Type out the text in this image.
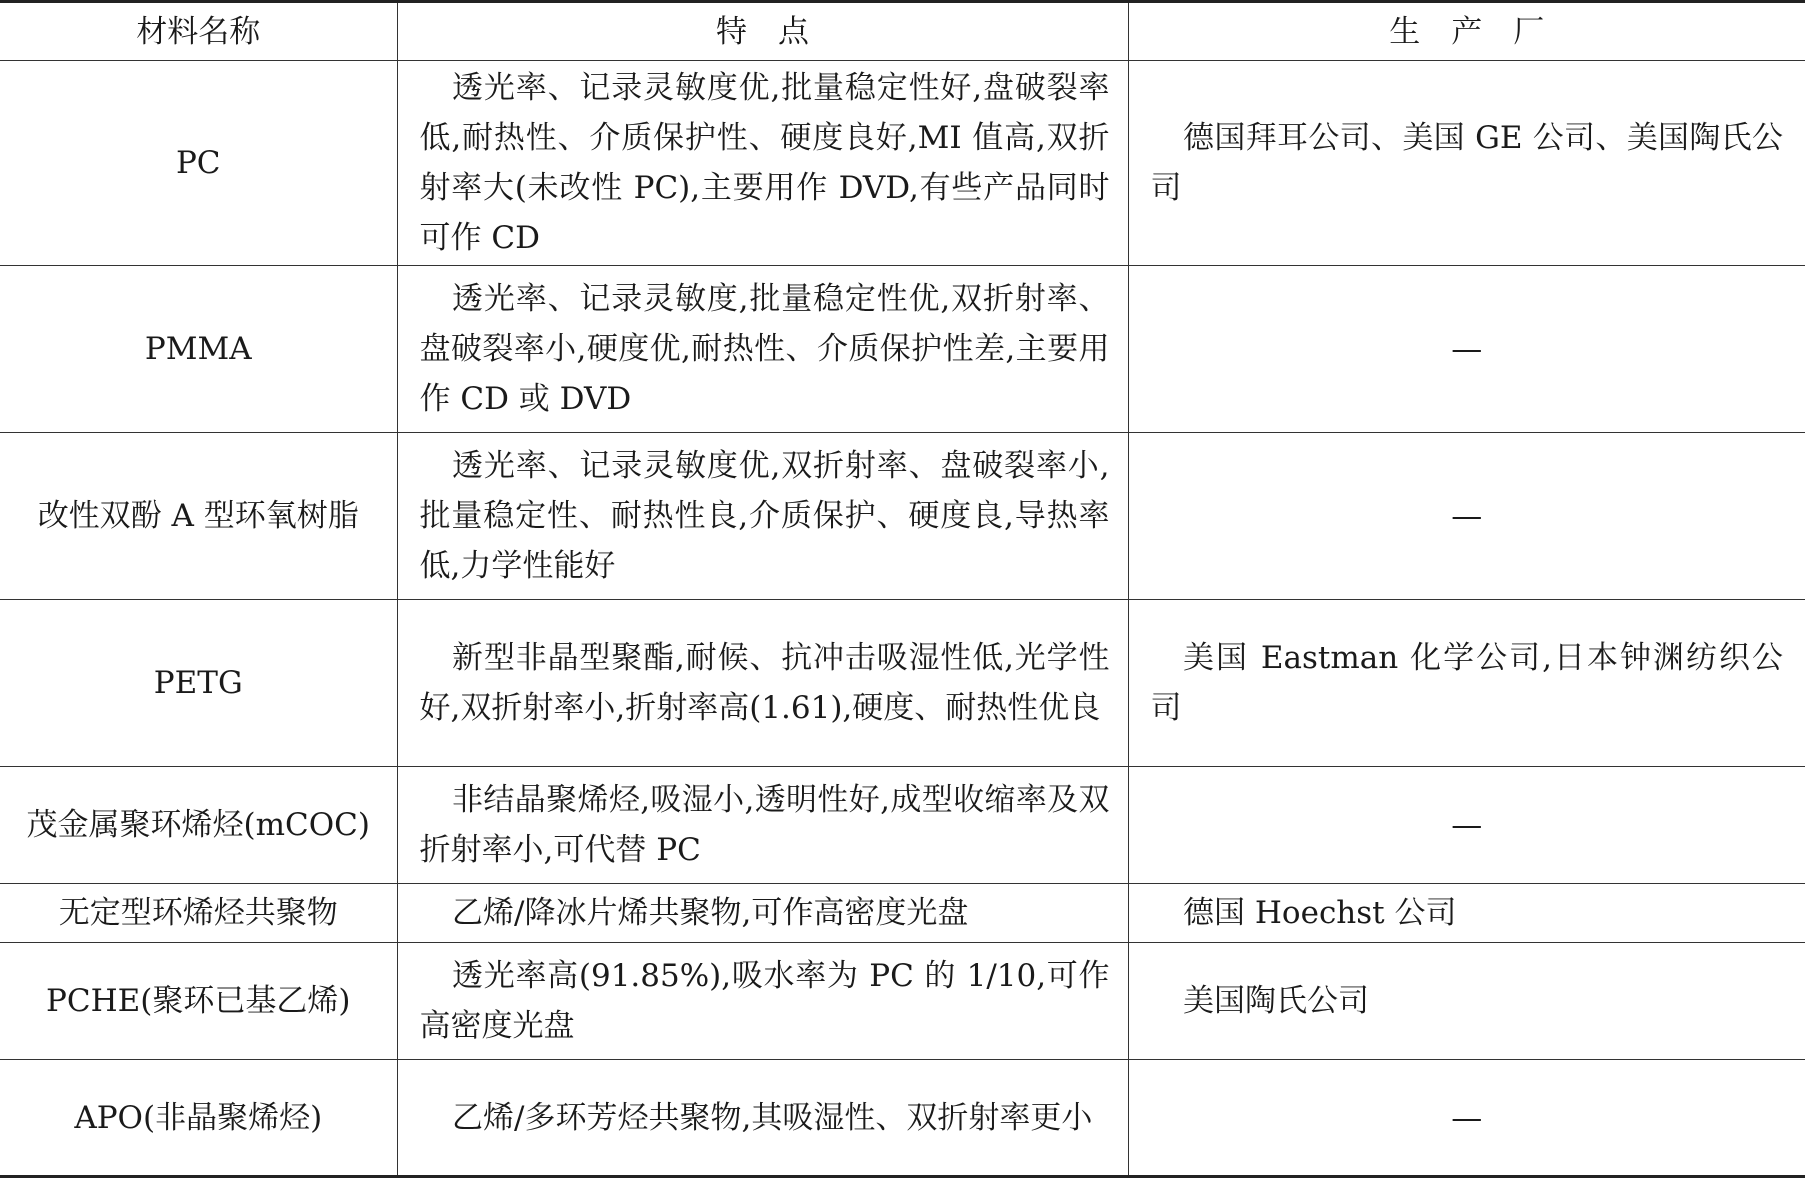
材料名称	特　点	生　产　厂
PC	透光率、记录灵敏度优,批量稳定性好,盘破裂率低,耐热性、介质保护性、硬度良好,MI 值高,双折射率大(未改性 PC),主要用作 DVD,有些产品同时可作 CD	德国拜耳公司、美国 GE 公司、美国陶氏公司

PMMA	透光率、记录灵敏度,批量稳定性优,双折射率、盘破裂率小,硬度优,耐热性、介质保护性差,主要用作 CD 或 DVD	—

改性双酚 A 型环氧树脂	透光率、记录灵敏度优,双折射率、盘破裂率小,批量稳定性、耐热性良,介质保护、硬度良,导热率低,力学性能好	—

PETG	新型非晶型聚酯,耐候、抗冲击吸湿性低,光学性好,双折射率小,折射率高(1.61),硬度、耐热性优良	美国 Eastman 化学公司,日本钟渊纺织公司

茂金属聚环烯烃(mCOC)	非结晶聚烯烃,吸湿小,透明性好,成型收缩率及双折射率小,可代替 PC	—

无定型环烯烃共聚物	乙烯/降冰片烯共聚物,可作高密度光盘	德国 Hoechst 公司

PCHE(聚环已基乙烯)	透光率高(91.85%),吸水率为 PC 的 1/10,可作高密度光盘	美国陶氏公司

APO(非晶聚烯烃)	乙烯/多环芳烃共聚物,其吸湿性、双折射率更小	—
